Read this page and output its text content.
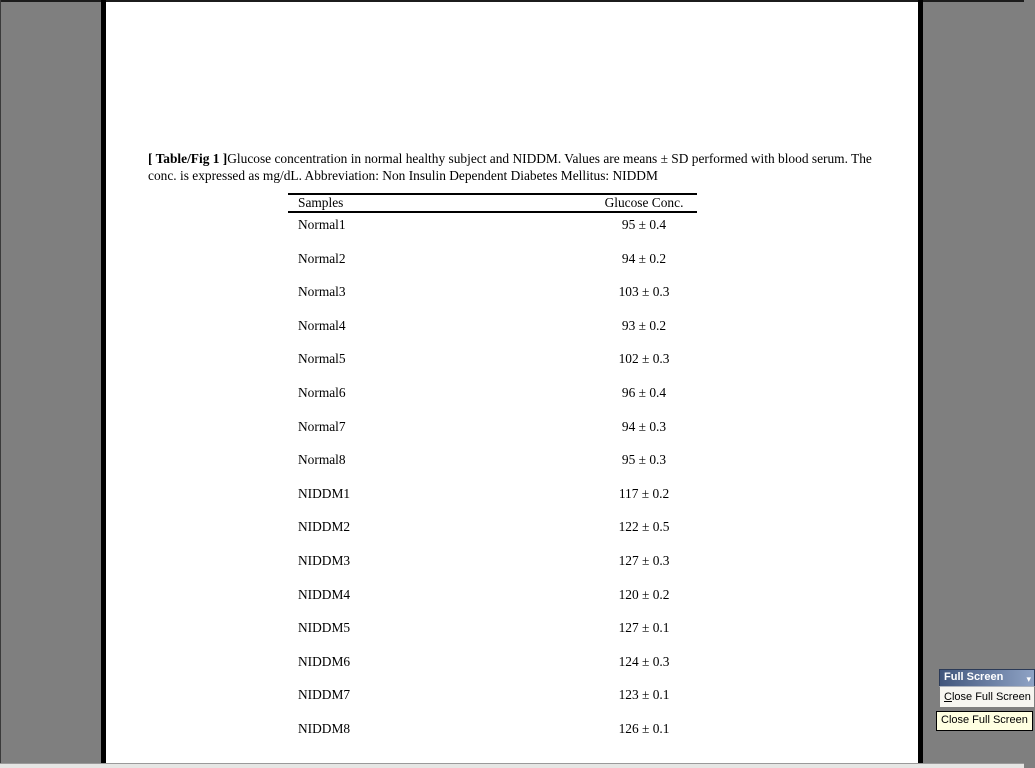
[ Table/Fig 1 ]Glucose concentration in normal healthy subject and NIDDM. Values are means ± SD performed with blood serum. The conc. is expressed as mg/dL. Abbreviation: Non Insulin Dependent Diabetes Mellitus: NIDDM

Samples	Glucose Conc.
Normal1	95 ± 0.4
Normal2	94 ± 0.2
Normal3	103 ± 0.3
Normal4	93 ± 0.2
Normal5	102 ± 0.3
Normal6	96 ± 0.4
Normal7	94 ± 0.3
Normal8	95 ± 0.3
NIDDM1	117 ± 0.2
NIDDM2	122 ± 0.5
NIDDM3	127 ± 0.3
NIDDM4	120 ± 0.2
NIDDM5	127 ± 0.1
NIDDM6	124 ± 0.3
NIDDM7	123 ± 0.1
NIDDM8	126 ± 0.1
Full Screen	▾
Close Full Screen
Close Full Screen
